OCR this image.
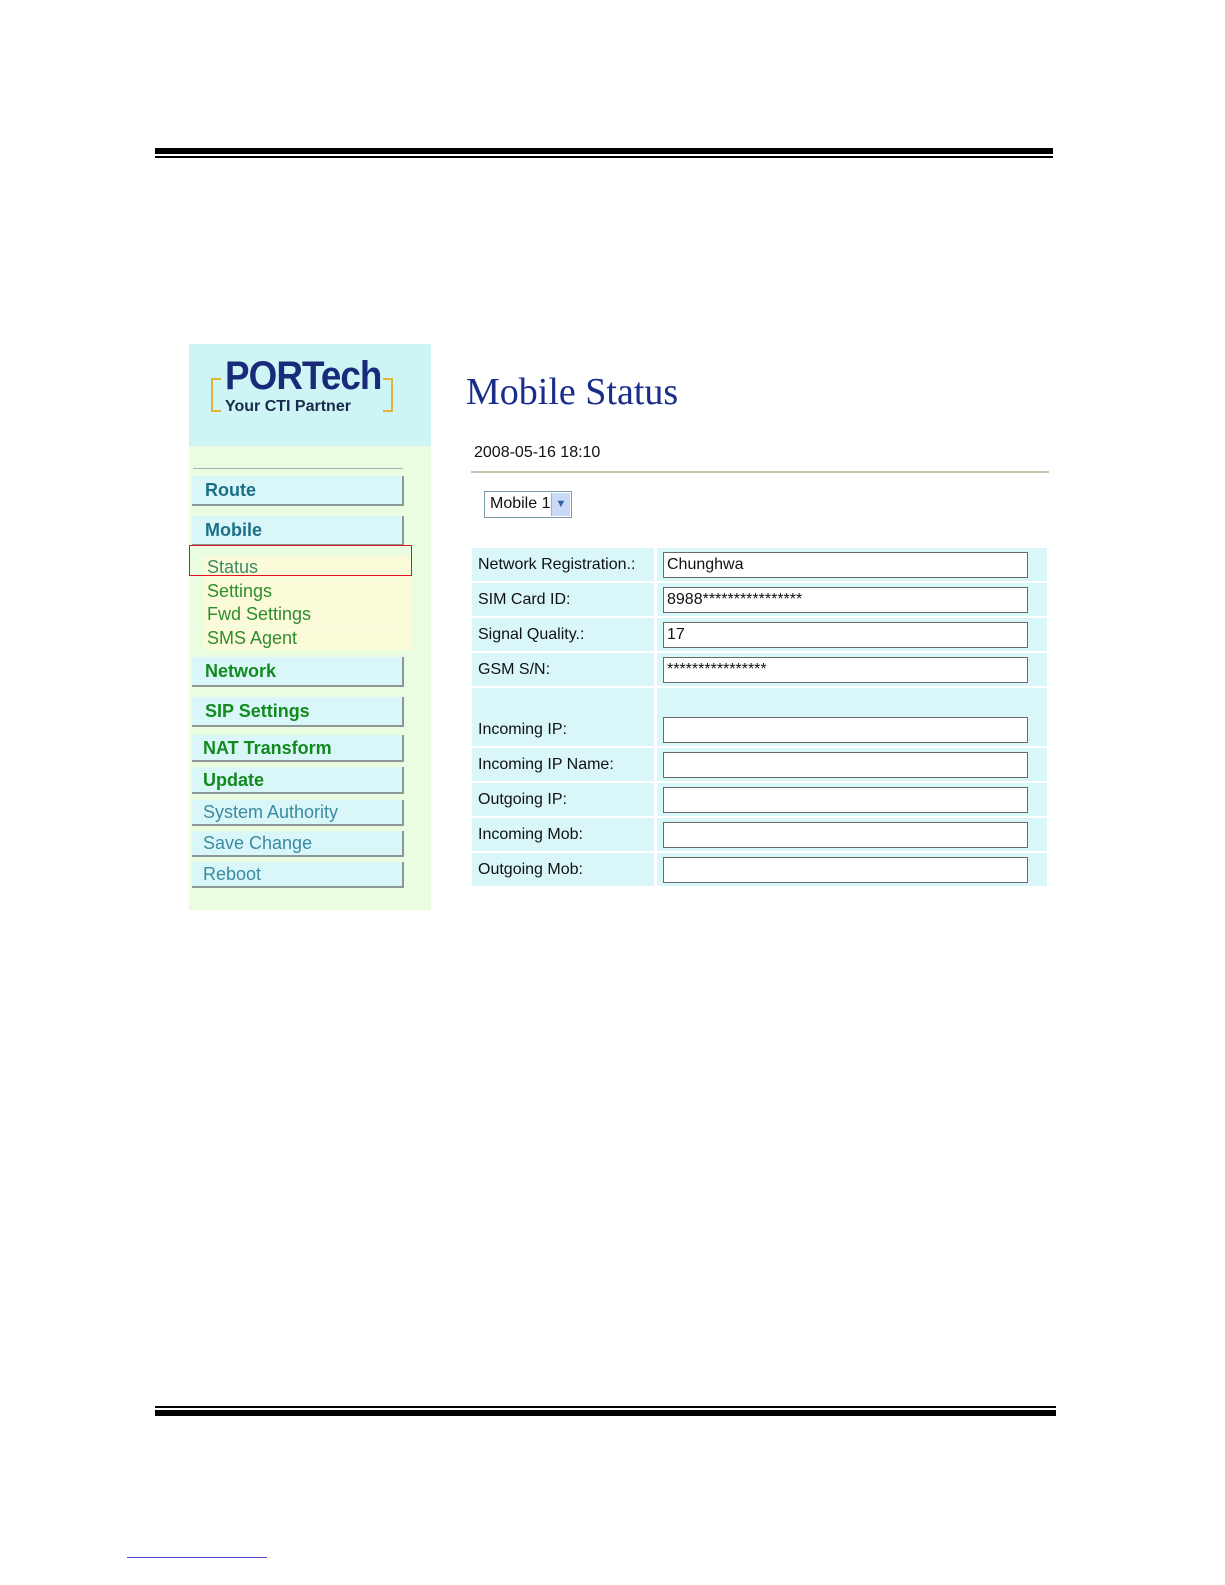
PORTech
Your CTI Partner
Route
Mobile
Status
Settings
Fwd Settings
SMS Agent
Network
SIP Settings
NAT Transform
Update
System Authority
Save Change
Reboot
Mobile Status
2008-05-16 18:10
Mobile 1 ▼
Network Registration.: Chunghwa
SIM Card ID:	8988****************
Signal Quality.:	17
GSM S/N:	****************
Incoming IP:
Incoming IP Name:
Outgoing IP:
Incoming Mob:
Outgoing Mob:
